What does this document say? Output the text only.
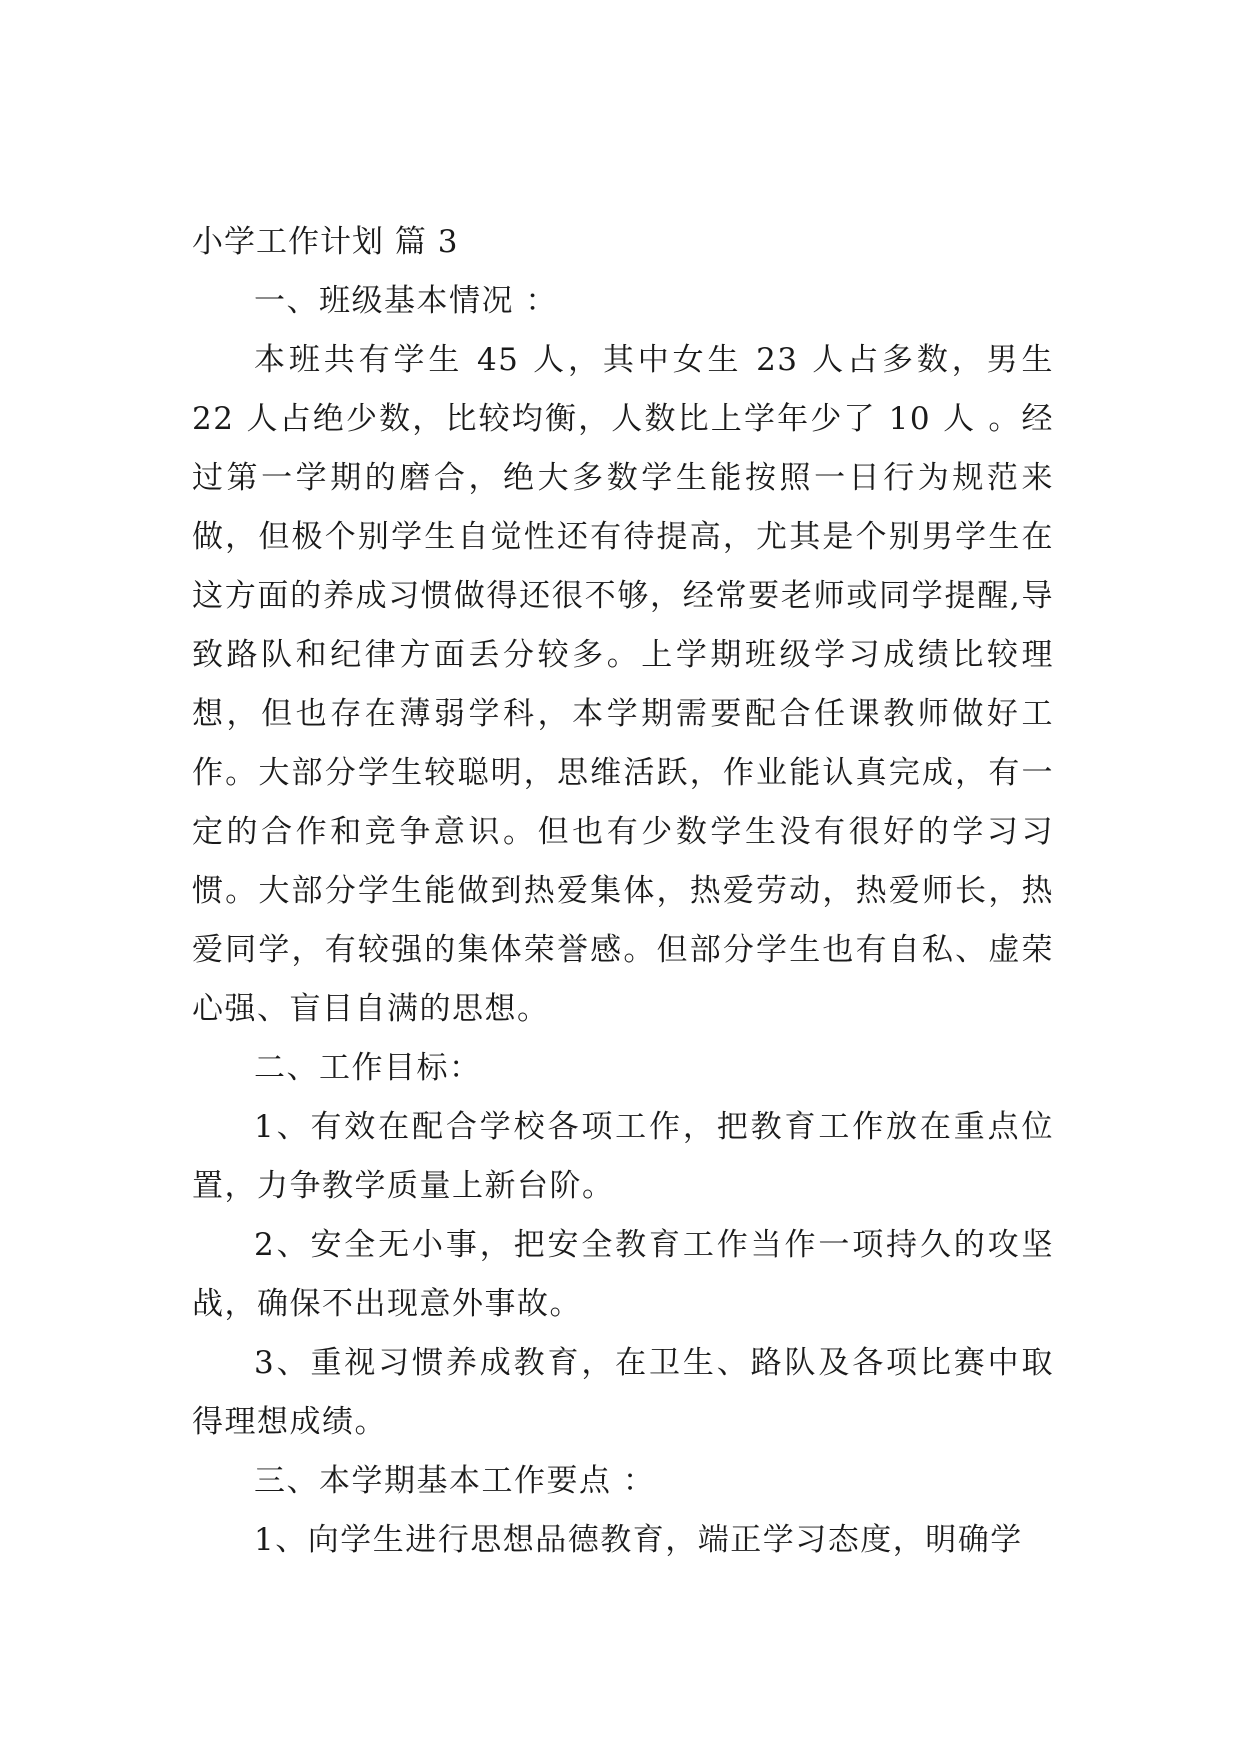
小学工作计划 篇 3

一、班级基本情况 ：

本班共有学生 45 人，其中女生 23 人占多数，男生 22 人占绝少数，比较均衡，人数比上学年少了 10 人 。经过第一学期的磨合，绝大多数学生能按照一日行为规范来做，但极个别学生自觉性还有待提高，尤其是个别男学生在这方面的养成习惯做得还很不够，经常要老师或同学提醒,导致路队和纪律方面丢分较多。上学期班级学习成绩比较理想，但也存在薄弱学科，本学期需要配合任课教师做好工作。大部分学生较聪明，思维活跃，作业能认真完成，有一定的合作和竞争意识。但也有少数学生没有很好的学习习惯。大部分学生能做到热爱集体，热爱劳动，热爱师长，热爱同学，有较强的集体荣誉感。但部分学生也有自私、虚荣心强、盲目自满的思想。

二、工作目标：

1、有效在配合学校各项工作，把教育工作放在重点位置，力争教学质量上新台阶。

2、安全无小事，把安全教育工作当作一项持久的攻坚战，确保不出现意外事故。

3、重视习惯养成教育，在卫生、路队及各项比赛中取得理想成绩。

三、本学期基本工作要点 ：

1、向学生进行思想品德教育，端正学习态度，明确学
